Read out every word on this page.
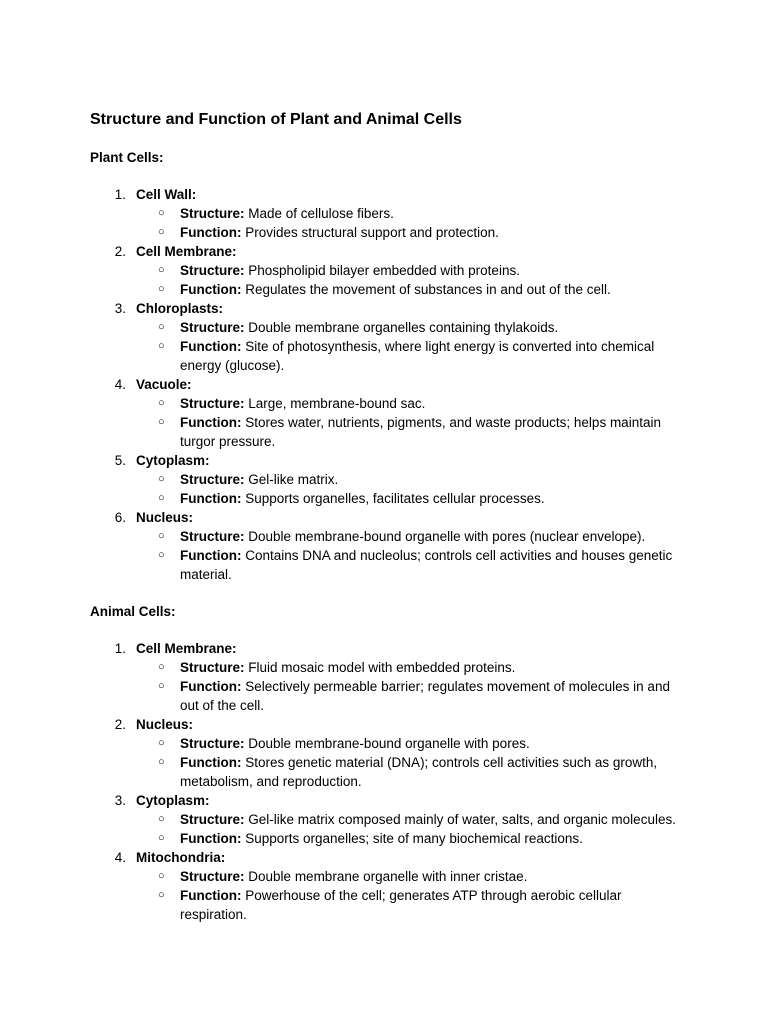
Structure and Function of Plant and Animal Cells
Plant Cells:
1. Cell Wall:
○ Structure: Made of cellulose fibers.
○ Function: Provides structural support and protection.
2. Cell Membrane:
○ Structure: Phospholipid bilayer embedded with proteins.
○ Function: Regulates the movement of substances in and out of the cell.
3. Chloroplasts:
○ Structure: Double membrane organelles containing thylakoids.
○ Function: Site of photosynthesis, where light energy is converted into chemical energy (glucose).
4. Vacuole:
○ Structure: Large, membrane-bound sac.
○ Function: Stores water, nutrients, pigments, and waste products; helps maintain turgor pressure.
5. Cytoplasm:
○ Structure: Gel-like matrix.
○ Function: Supports organelles, facilitates cellular processes.
6. Nucleus:
○ Structure: Double membrane-bound organelle with pores (nuclear envelope).
○ Function: Contains DNA and nucleolus; controls cell activities and houses genetic material.
Animal Cells:
1. Cell Membrane:
○ Structure: Fluid mosaic model with embedded proteins.
○ Function: Selectively permeable barrier; regulates movement of molecules in and out of the cell.
2. Nucleus:
○ Structure: Double membrane-bound organelle with pores.
○ Function: Stores genetic material (DNA); controls cell activities such as growth, metabolism, and reproduction.
3. Cytoplasm:
○ Structure: Gel-like matrix composed mainly of water, salts, and organic molecules.
○ Function: Supports organelles; site of many biochemical reactions.
4. Mitochondria:
○ Structure: Double membrane organelle with inner cristae.
○ Function: Powerhouse of the cell; generates ATP through aerobic cellular respiration.
